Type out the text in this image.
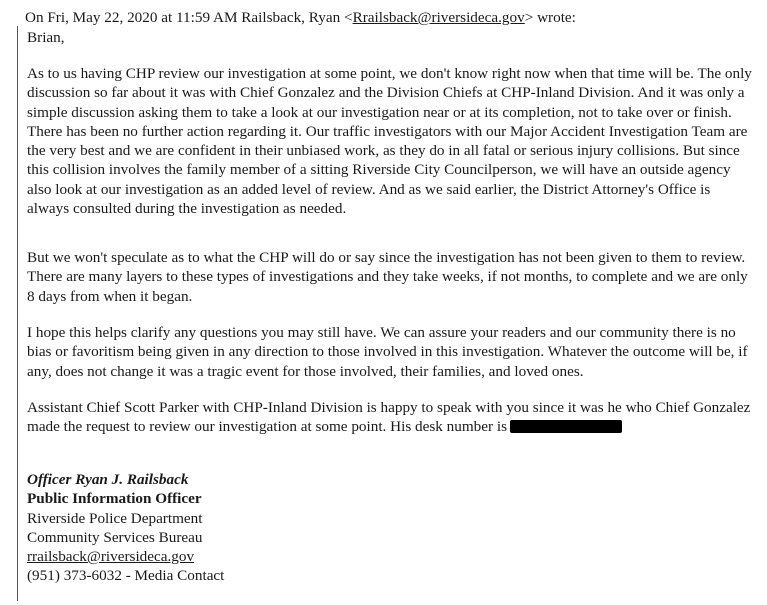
On Fri, May 22, 2020 at 11:59 AM Railsback, Ryan <Rrailsback@riversideca.gov> wrote:
Brian,

As to us having CHP review our investigation at some point, we don't know right now when that time will be. The only discussion so far about it was with Chief Gonzalez and the Division Chiefs at CHP-Inland Division. And it was only a simple discussion asking them to take a look at our investigation near or at its completion, not to take over or finish. There has been no further action regarding it. Our traffic investigators with our Major Accident Investigation Team are the very best and we are confident in their unbiased work, as they do in all fatal or serious injury collisions. But since this collision involves the family member of a sitting Riverside City Councilperson, we will have an outside agency also look at our investigation as an added level of review. And as we said earlier, the District Attorney's Office is always consulted during the investigation as needed.

But we won't speculate as to what the CHP will do or say since the investigation has not been given to them to review. There are many layers to these types of investigations and they take weeks, if not months, to complete and we are only 8 days from when it began.

I hope this helps clarify any questions you may still have. We can assure your readers and our community there is no bias or favoritism being given in any direction to those involved in this investigation. Whatever the outcome will be, if any, does not change it was a tragic event for those involved, their families, and loved ones.

Assistant Chief Scott Parker with CHP-Inland Division is happy to speak with you since it was he who Chief Gonzalez made the request to review our investigation at some point. His desk number is

Officer Ryan J. Railsback
Public Information Officer
Riverside Police Department
Community Services Bureau
rrailsback@riversideca.gov
(951) 373-6032 - Media Contact
